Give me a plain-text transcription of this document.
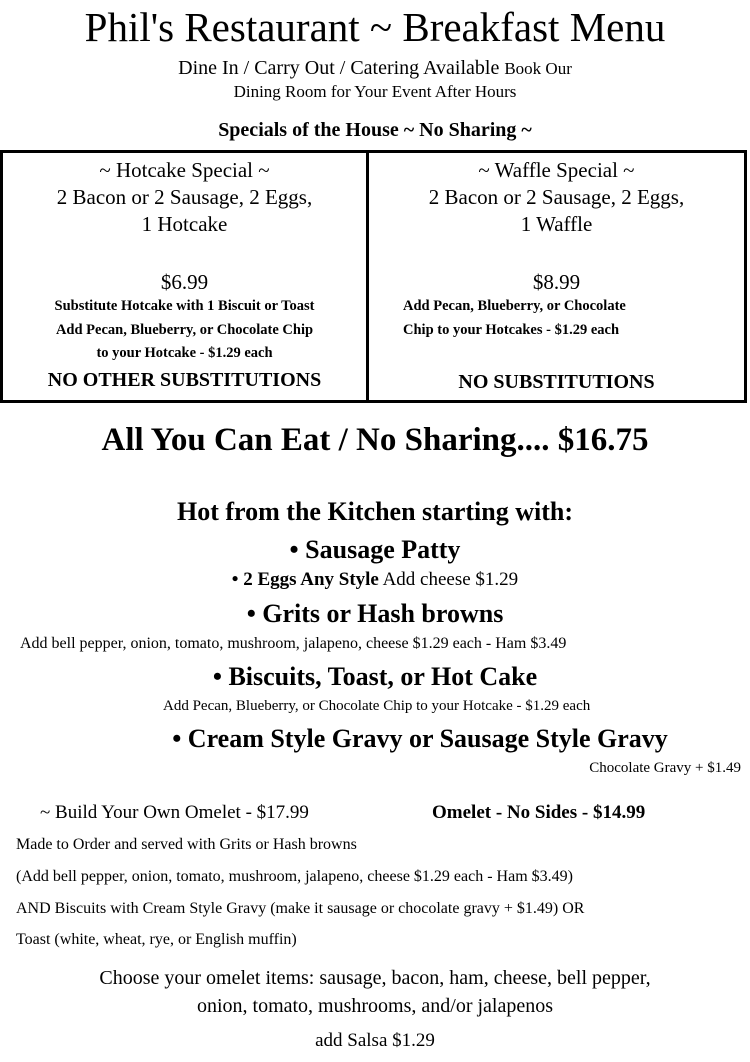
Phil's Restaurant ~ Breakfast Menu
Dine In / Carry Out / Catering Available Book Our
Dining Room for Your Event After Hours
Specials of the House ~ No Sharing ~
~ Hotcake Special ~
2 Bacon or 2 Sausage, 2 Eggs,
1 Hotcake
$6.99
Substitute Hotcake with 1 Biscuit or Toast
Add Pecan, Blueberry, or Chocolate Chip
to your Hotcake - $1.29 each
NO OTHER SUBSTITUTIONS
~ Waffle Special ~
2 Bacon or 2 Sausage, 2 Eggs,
1 Waffle
$8.99
Add Pecan, Blueberry, or Chocolate
Chip to your Hotcakes - $1.29 each
NO SUBSTITUTIONS
All You Can Eat / No Sharing.... $16.75
Hot from the Kitchen starting with:
• Sausage Patty
• 2 Eggs Any Style Add cheese $1.29
• Grits or Hash browns
Add bell pepper, onion, tomato, mushroom, jalapeno, cheese $1.29 each - Ham $3.49
• Biscuits, Toast, or Hot Cake
Add Pecan, Blueberry, or Chocolate Chip to your Hotcake - $1.29 each
• Cream Style Gravy or Sausage Style Gravy
Chocolate Gravy + $1.49
~ Build Your Own Omelet - $17.99	Omelet - No Sides - $14.99
Made to Order and served with Grits or Hash browns
(Add bell pepper, onion, tomato, mushroom, jalapeno, cheese $1.29 each - Ham $3.49)
AND Biscuits with Cream Style Gravy (make it sausage or chocolate gravy + $1.49) OR
Toast (white, wheat, rye, or English muffin)
Choose your omelet items: sausage, bacon, ham, cheese, bell pepper,
onion, tomato, mushrooms, and/or jalapenos
add Salsa $1.29
